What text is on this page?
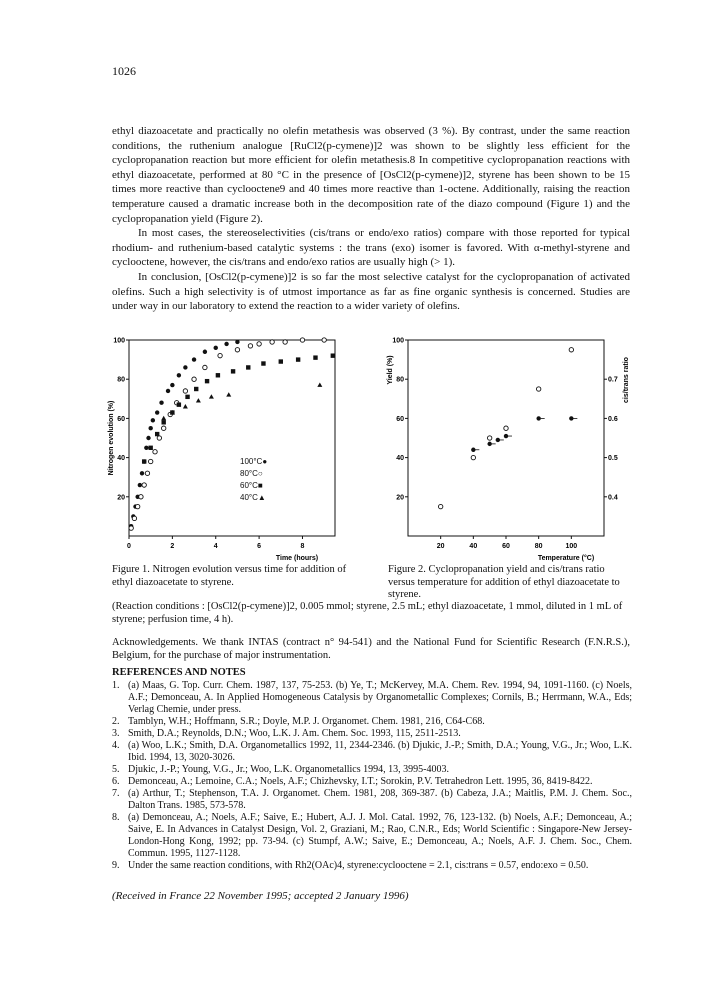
1026

ethyl diazoacetate and practically no olefin metathesis was observed (3 %). By contrast, under the same reaction conditions, the ruthenium analogue [RuCl2(p-cymene)]2 was shown to be slightly less efficient for the cyclopropanation reaction but more efficient for olefin metathesis.8 In competitive cyclopropanation reactions with ethyl diazoacetate, performed at 80 °C in the presence of [OsCl2(p-cymene)]2, styrene has been shown to be 15 times more reactive than cyclooctene9 and 40 times more reactive than 1-octene. Additionally, raising the reaction temperature caused a dramatic increase both in the decomposition rate of the diazo compound (Figure 1) and the cyclopropanation yield (Figure 2).

In most cases, the stereoselectivities (cis/trans or endo/exo ratios) compare with those reported for typical rhodium- and ruthenium-based catalytic systems : the trans (exo) isomer is favored. With α-methyl-styrene and cyclooctene, however, the cis/trans and endo/exo ratios are usually high (> 1).

In conclusion, [OsCl2(p-cymene)]2 is so far the most selective catalyst for the cyclopropanation of activated olefins. Such a high selectivity is of utmost importance as far as fine organic synthesis is concerned. Studies are under way in our laboratory to extend the reaction to a wider variety of olefins.

0	2	4	6	8
20
40
60
80
100
Time (hours)
Nitrogen evolution (%)	100°C●
80°C○
60°C■
40°C▲
Figure 1. Nitrogen evolution versus time for addition of ethyl diazoacetate to styrene.
20	40	60	80	100
20
40
60
80
100
0.4
0.5
0.6
0.7
Temperature (°C)
Yield (%)	cis/trans ratio
Figure 2. Cyclopropanation yield and cis/trans ratio versus temperature for addition of ethyl diazoacetate to styrene.
(Reaction conditions : [OsCl2(p-cymene)]2, 0.005 mmol; styrene, 2.5 mL; ethyl diazoacetate, 1 mmol, diluted in 1 mL of styrene; perfusion time, 4 h).
Acknowledgements. We thank INTAS (contract n° 94-541) and the National Fund for Scientific Research (F.N.R.S.), Belgium, for the purchase of major instrumentation.
REFERENCES AND NOTES
1. (a) Maas, G. Top. Curr. Chem. 1987, 137, 75-253. (b) Ye, T.; McKervey, M.A. Chem. Rev. 1994, 94, 1091-1160. (c) Noels, A.F.; Demonceau, A. In Applied Homogeneous Catalysis by Organometallic Complexes; Cornils, B.; Herrmann, W.A., Eds; Verlag Chemie, under press.
2. Tamblyn, W.H.; Hoffmann, S.R.; Doyle, M.P. J. Organomet. Chem. 1981, 216, C64-C68.
3. Smith, D.A.; Reynolds, D.N.; Woo, L.K. J. Am. Chem. Soc. 1993, 115, 2511-2513.
4. (a) Woo, L.K.; Smith, D.A. Organometallics 1992, 11, 2344-2346. (b) Djukic, J.-P.; Smith, D.A.; Young, V.G., Jr.; Woo, L.K. Ibid. 1994, 13, 3020-3026.
5. Djukic, J.-P.; Young, V.G., Jr.; Woo, L.K. Organometallics 1994, 13, 3995-4003.
6. Demonceau, A.; Lemoine, C.A.; Noels, A.F.; Chizhevsky, I.T.; Sorokin, P.V. Tetrahedron Lett. 1995, 36, 8419-8422.
7. (a) Arthur, T.; Stephenson, T.A. J. Organomet. Chem. 1981, 208, 369-387. (b) Cabeza, J.A.; Maitlis, P.M. J. Chem. Soc., Dalton Trans. 1985, 573-578.
8. (a) Demonceau, A.; Noels, A.F.; Saive, E.; Hubert, A.J. J. Mol. Catal. 1992, 76, 123-132. (b) Noels, A.F.; Demonceau, A.; Saive, E. In Advances in Catalyst Design, Vol. 2, Graziani, M.; Rao, C.N.R., Eds; World Scientific : Singapore-New Jersey-London-Hong Kong, 1992; pp. 73-94. (c) Stumpf, A.W.; Saive, E.; Demonceau, A.; Noels, A.F. J. Chem. Soc., Chem. Commun. 1995, 1127-1128.
9. Under the same reaction conditions, with Rh2(OAc)4, styrene:cyclooctene = 2.1, cis:trans = 0.57, endo:exo = 0.50.
(Received in France 22 November 1995; accepted 2 January 1996)
